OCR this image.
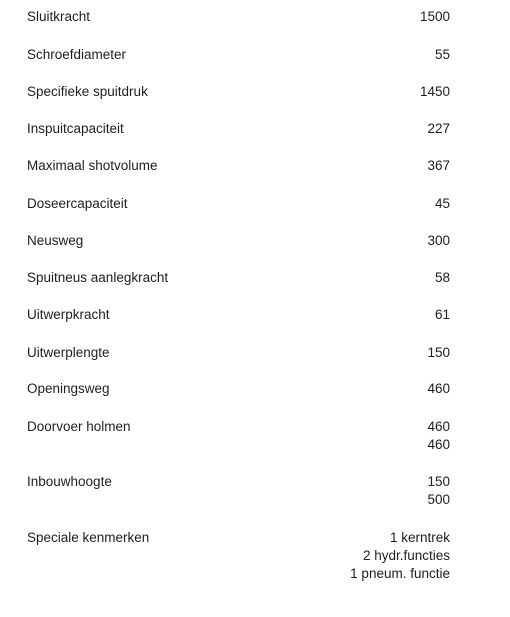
Sluitkracht	1500
Schroefdiameter	55
Specifieke spuitdruk	1450
Inspuitcapaciteit	227
Maximaal shotvolume	367
Doseercapaciteit	45
Neusweg	300
Spuitneus aanlegkracht	58
Uitwerpkracht	61
Uitwerplengte	150
Openingsweg	460
Doorvoer holmen	460
460
Inbouwhoogte	150
500
Speciale kenmerken	1 kerntrek
2 hydr.functies
1 pneum. functie
